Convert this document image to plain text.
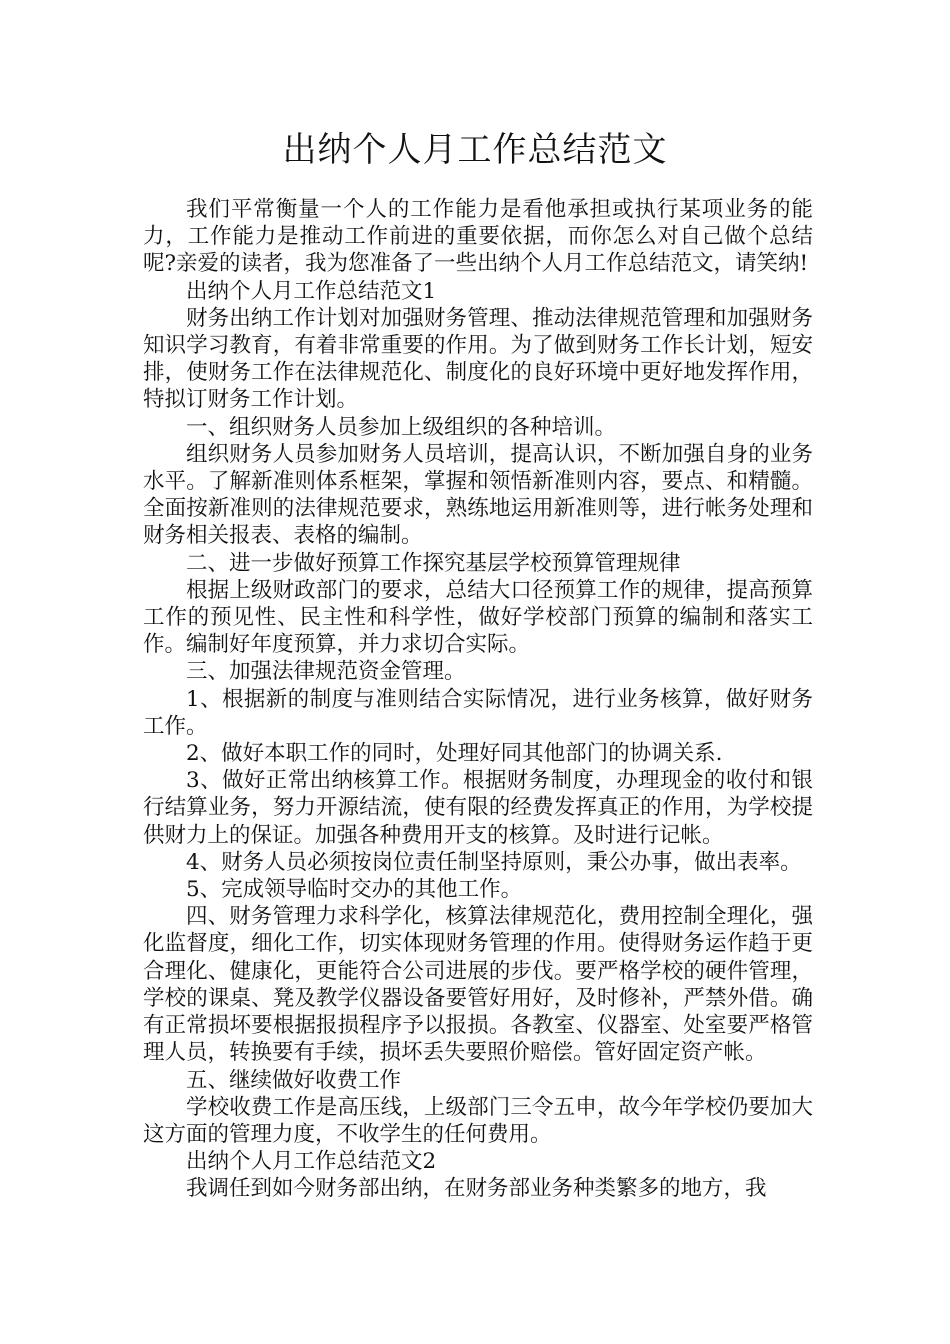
出纳个人月工作总结范文

我们平常衡量一个人的工作能力是看他承担或执行某项业务的能力，工作能力是推动工作前进的重要依据，而你怎么对自己做个总结呢?亲爱的读者，我为您准备了一些出纳个人月工作总结范文，请笑纳!

出纳个人月工作总结范文1

财务出纳工作计划对加强财务管理、推动法律规范管理和加强财务知识学习教育，有着非常重要的作用。为了做到财务工作长计划，短安排，使财务工作在法律规范化、制度化的良好环境中更好地发挥作用，特拟订财务工作计划。

一、组织财务人员参加上级组织的各种培训。

组织财务人员参加财务人员培训，提高认识，不断加强自身的业务水平。了解新准则体系框架，掌握和领悟新准则内容，要点、和精髓。全面按新准则的法律规范要求，熟练地运用新准则等，进行帐务处理和财务相关报表、表格的编制。

二、进一步做好预算工作探究基层学校预算管理规律

根据上级财政部门的要求，总结大口径预算工作的规律，提高预算工作的预见性、民主性和科学性，做好学校部门预算的编制和落实工作。编制好年度预算，并力求切合实际。

三、加强法律规范资金管理。

1、根据新的制度与准则结合实际情况，进行业务核算，做好财务工作。

2、做好本职工作的同时，处理好同其他部门的协调关系.

3、做好正常出纳核算工作。根据财务制度，办理现金的收付和银行结算业务，努力开源结流，使有限的经费发挥真正的作用，为学校提供财力上的保证。加强各种费用开支的核算。及时进行记帐。

4、财务人员必须按岗位责任制坚持原则，秉公办事，做出表率。

5、完成领导临时交办的其他工作。

四、财务管理力求科学化，核算法律规范化，费用控制全理化，强化监督度，细化工作，切实体现财务管理的作用。使得财务运作趋于更合理化、健康化，更能符合公司进展的步伐。要严格学校的硬件管理，学校的课桌、凳及教学仪器设备要管好用好，及时修补，严禁外借。确有正常损坏要根据报损程序予以报损。各教室、仪器室、处室要严格管理人员，转换要有手续，损坏丢失要照价赔偿。管好固定资产帐。

五、继续做好收费工作

学校收费工作是高压线，上级部门三令五申，故今年学校仍要加大这方面的管理力度，不收学生的任何费用。

出纳个人月工作总结范文2

我调任到如今财务部出纳，在财务部业务种类繁多的地方，我
